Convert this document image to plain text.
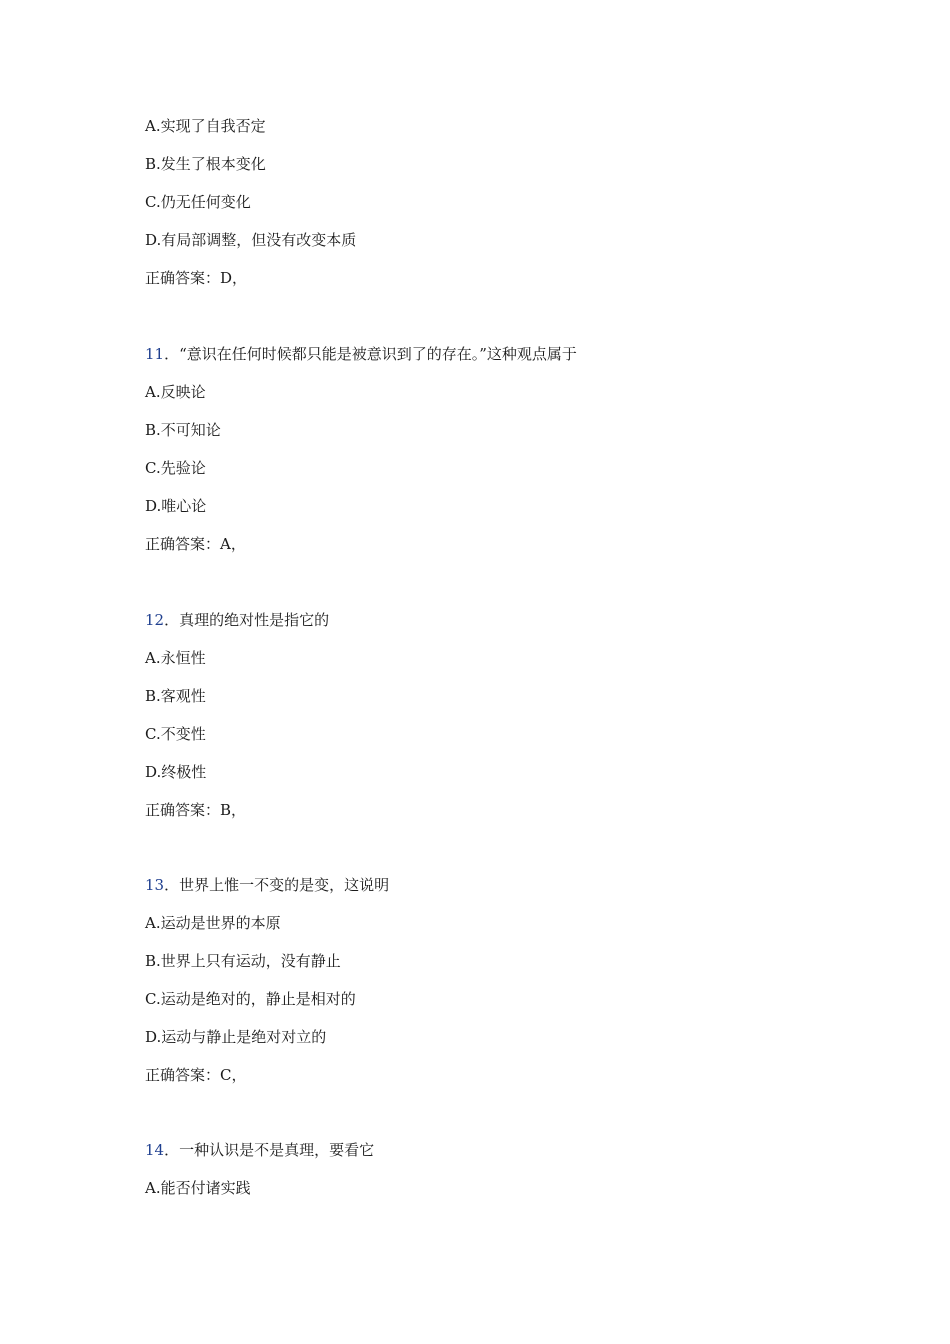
A.实现了自我否定
B.发生了根本变化
C.仍无任何变化
D.有局部调整，但没有改变本质
正确答案：D，
11．“意识在任何时候都只能是被意识到了的存在。”这种观点属于
A.反映论
B.不可知论
C.先验论
D.唯心论
正确答案：A，
12．真理的绝对性是指它的
A.永恒性
B.客观性
C.不变性
D.终极性
正确答案：B，
13．世界上惟一不变的是变，这说明
A.运动是世界的本原
B.世界上只有运动，没有静止
C.运动是绝对的，静止是相对的
D.运动与静止是绝对对立的
正确答案：C，
14．一种认识是不是真理，要看它
A.能否付诸实践
